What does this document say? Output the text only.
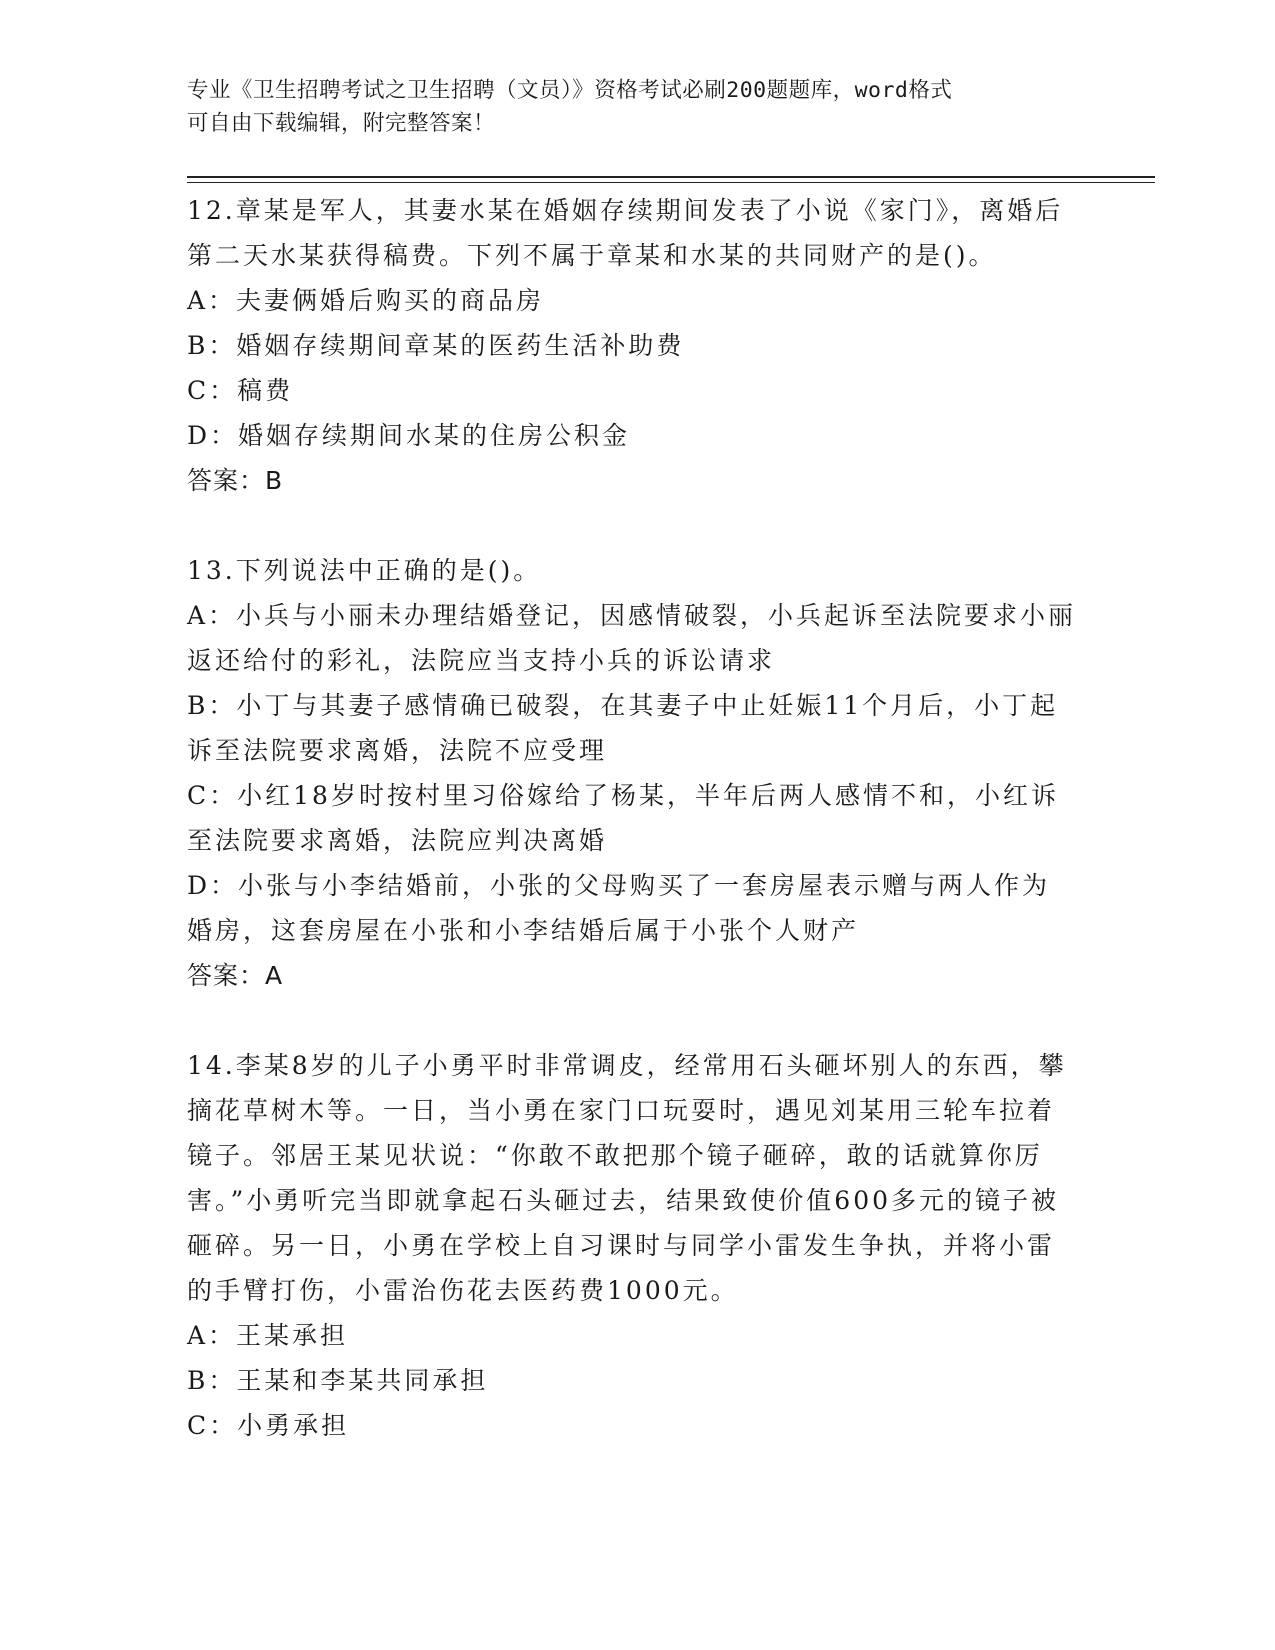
专业《卫生招聘考试之卫生招聘（文员）》资格考试必刷200题题库，word格式
可自由下载编辑，附完整答案！

12.章某是军人，其妻水某在婚姻存续期间发表了小说《家门》，离婚后第二天水某获得稿费。下列不属于章某和水某的共同财产的是()。

A：夫妻俩婚后购买的商品房

B：婚姻存续期间章某的医药生活补助费

C：稿费

D：婚姻存续期间水某的住房公积金

答案：B

13.下列说法中正确的是()。

A：小兵与小丽未办理结婚登记，因感情破裂，小兵起诉至法院要求小丽返还给付的彩礼，法院应当支持小兵的诉讼请求

B：小丁与其妻子感情确已破裂，在其妻子中止妊娠11个月后，小丁起诉至法院要求离婚，法院不应受理

C：小红18岁时按村里习俗嫁给了杨某，半年后两人感情不和，小红诉至法院要求离婚，法院应判决离婚

D：小张与小李结婚前，小张的父母购买了一套房屋表示赠与两人作为婚房，这套房屋在小张和小李结婚后属于小张个人财产

答案：A

14.李某8岁的儿子小勇平时非常调皮，经常用石头砸坏别人的东西，攀摘花草树木等。一日，当小勇在家门口玩耍时，遇见刘某用三轮车拉着镜子。邻居王某见状说：“你敢不敢把那个镜子砸碎，敢的话就算你厉害。”小勇听完当即就拿起石头砸过去，结果致使价值600多元的镜子被砸碎。另一日，小勇在学校上自习课时与同学小雷发生争执，并将小雷的手臂打伤，小雷治伤花去医药费1000元。

A：王某承担

B：王某和李某共同承担

C：小勇承担
